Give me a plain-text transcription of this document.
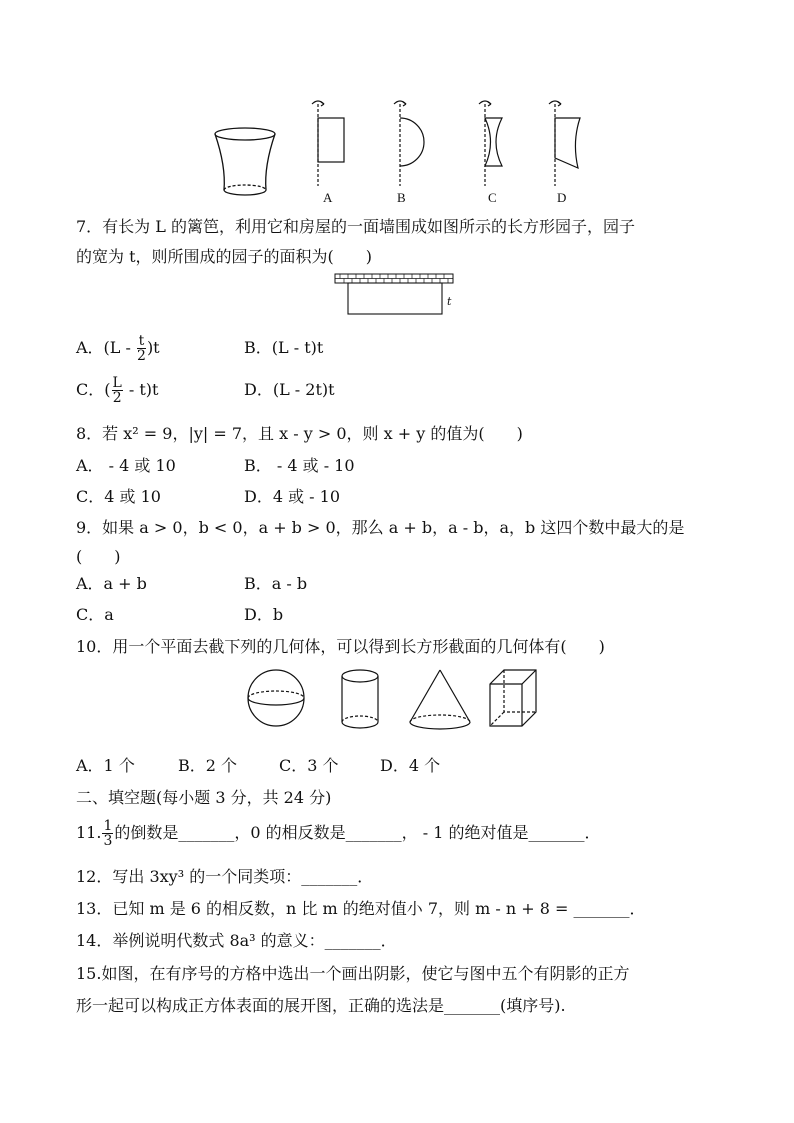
A	B	C	D
7．有长为 L 的篱笆，利用它和房屋的一面墙围成如图所示的长方形园子，园子
的宽为 t，则所围成的园子的面积为(　　)
t
A．$(L - \frac{t}{2} )t$	B．(L - t)t
C．( $\frac{L}{2} - t)t$	D．(L - 2t)t
8．若 x² = 9，|y| = 7，且 x - y > 0，则 x + y 的值为(　　)
A． - 4 或 10	B． - 4 或 - 10
C．4 或 10	D．4 或 - 10
9．如果 a > 0，b < 0，a + b > 0，那么 a + b，a - b，a，b 这四个数中最大的是
(　　)
A．a + b	B．a - b
C．a	D．b
10．用一个平面去截下列的几何体，可以得到长方形截面的几何体有(　　)
A．1 个	B．2 个	C．3 个	D．4 个
二、填空题(每小题 3 分，共 24 分)
11. $\frac{1}{3}$ 的倒数是_______，0 的相反数是_______， - 1 的绝对值是_______．
12．写出 3xy³ 的一个同类项：_______．
13．已知 m 是 6 的相反数，n 比 m 的绝对值小 7，则 m - n + 8 = _______．
14．举例说明代数式 8a³ 的意义：_______．
15.如图，在有序号的方格中选出一个画出阴影，使它与图中五个有阴影的正方
形一起可以构成正方体表面的展开图，正确的选法是_______(填序号).
